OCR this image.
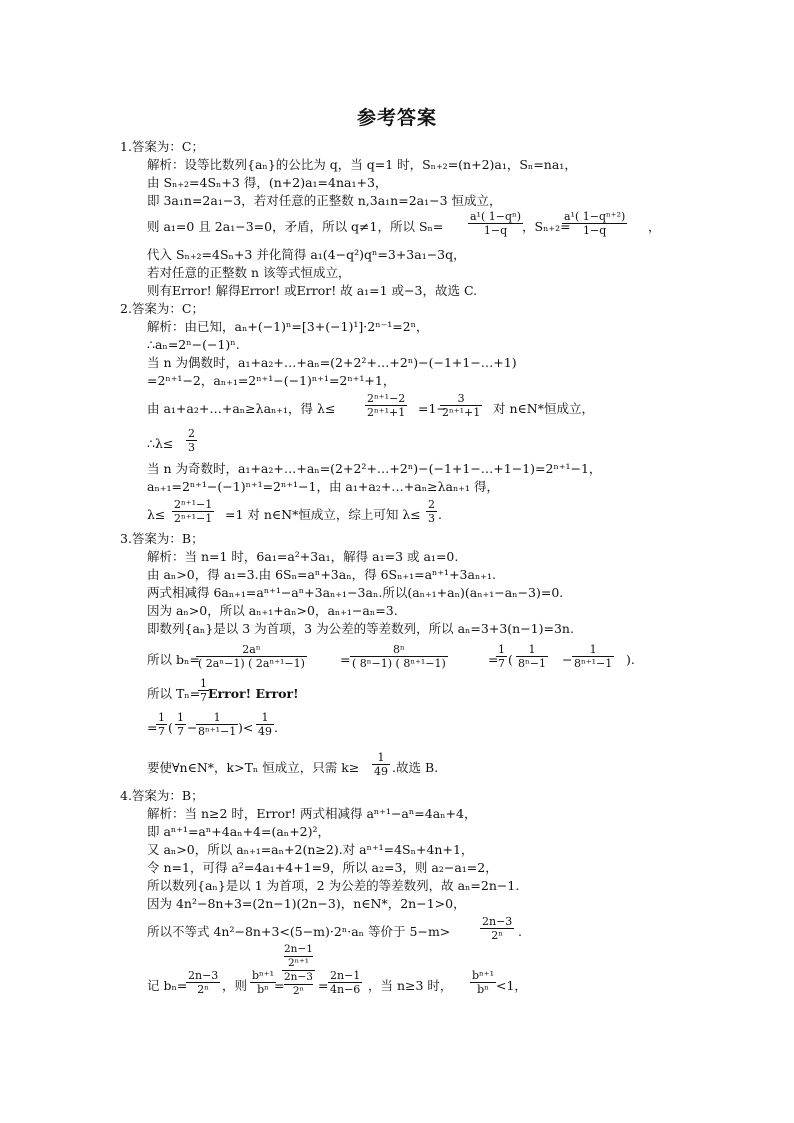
参考答案
1.答案为：C；
解析：设等比数列{aₙ}的公比为 q，当 q=1 时，Sₙ₊₂=(n+2)a₁，Sₙ=na₁，
由 Sₙ₊₂=4Sₙ+3 得，(n+2)a₁=4na₁+3，
即 3a₁n=2a₁−3，若对任意的正整数 n,3a₁n=2a₁−3 恒成立，
则 a₁=0 且 2a₁−3=0，矛盾，所以 q≠1，所以 $S_n= \frac{\text{a¹( 1−qⁿ)}}{1-q}$
，Sₙ₊₂=
$\frac{\text{a¹( 1−qⁿ⁺²)}}{1-q}$ ，
代入 Sₙ₊₂=4Sₙ+3 并化简得 a₁(4−q²)qⁿ=3+3a₁−3q，
若对任意的正整数 n 该等式恒成立，
则有Error! 解得Error! 或Error! 故 a₁=1 或−3，故选 C.
2.答案为：C；
解析：由已知，aₙ+(−1)ⁿ=[3+(−1)¹]·2ⁿ⁻¹=2ⁿ，
∴aₙ=2ⁿ−(−1)ⁿ.
当 n 为偶数时，a₁+a₂+…+aₙ=(2+2²+…+2ⁿ)−(−1+1−…+1)
=2ⁿ⁺¹−2，aₙ₊₁=2ⁿ⁺¹−(−1)ⁿ⁺¹=2ⁿ⁺¹+1，
由 a₁+a₂+…+aₙ≥λaₙ₊₁，得 λ≤	$\frac{\text{2ⁿ⁺¹−2}}{\text{2ⁿ⁺¹+1}} =1-$
$\frac{3}{\text{2ⁿ⁺¹+1}}$ 对 n∈N*恒成立，
∴λ≤ $\frac{2}{3}$
当 n 为奇数时，a₁+a₂+…+aₙ=(2+2²+…+2ⁿ)−(−1+1−…+1−1)=2ⁿ⁺¹−1，
aₙ₊₁=2ⁿ⁺¹−(−1)ⁿ⁺¹=2ⁿ⁺¹−1，由 a₁+a₂+…+aₙ≥λaₙ₊₁ 得，
$\lambda\le \frac{\text{2ⁿ⁺¹−1}}{\text{2ⁿ⁺¹−1}} =1$ 对 n∈N*恒成立，综上可知 $\lambda\le \frac{2}{3}$ .
3.答案为：B；
解析：当 n=1 时，6a₁=a²+3a₁，解得 a₁=3 或 a₁=0.
由 aₙ>0，得 a₁=3.由 6Sₙ=aⁿ+3aₙ，得 6Sₙ₊₁=aⁿ⁺¹+3aₙ₊₁.
两式相减得 6aₙ₊₁=aⁿ⁺¹−aⁿ+3aₙ₊₁−3aₙ.所以(aₙ₊₁+aₙ)(aₙ₊₁−aₙ−3)=0.
因为 aₙ>0，所以 aₙ₊₁+aₙ>0，aₙ₊₁−aₙ=3.
即数列{aₙ}是以 3 为首项，3 为公差的等差数列，所以 aₙ=3+3(n−1)=3n.
所以 bₙ=
$\frac{\text{2aⁿ}}{\text{( 2aⁿ−1) ( 2aⁿ⁺¹−1)}}$	= $\frac{\text{8ⁿ}}{\text{( 8ⁿ−1) ( 8ⁿ⁺¹−1)}}$	=
$\frac{1}{7}$ ( $\frac{1}{\text{8ⁿ−1}} - \frac{1}{\text{8ⁿ⁺¹−1}}$ ).
所以 Tₙ=
$\frac{1}{7}$ Error! Error!
=
$\frac{1}{7}$ ( $\frac{1}{7}$ −
$\frac{1}{\text{8ⁿ⁺¹−1}}$ )< $\frac{1}{49}$ .
要使∀n∈N*，k>Tₙ 恒成立，只需 $k\ge \frac{1}{49}$ .故选 B.
4.答案为：B；
解析：当 n≥2 时，Error! 两式相减得 aⁿ⁺¹−aⁿ=4aₙ+4，
即 aⁿ⁺¹=aⁿ+4aₙ+4=(aₙ+2)²，
又 aₙ>0，所以 aₙ₊₁=aₙ+2(n≥2).对 aⁿ⁺¹=4Sₙ+4n+1，
令 n=1，可得 a²=4a₁+4+1=9，所以 a₂=3，则 a₂−a₁=2，
所以数列{aₙ}是以 1 为首项，2 为公差的等差数列，故 aₙ=2n−1.
因为 4n²−8n+3=(2n−1)(2n−3)，n∈N*，2n−1>0，
所以不等式 4n²−8n+3<(5−m)·2ⁿ·aₙ 等价于 5−m>	$\frac{2n-3}{\text{2ⁿ}}$ .
记 bₙ=
$\frac{2n-3}{\text{2ⁿ}}$ ，则 $\frac{\text{bⁿ⁺¹}}{\text{bⁿ}}$
=
2n−1
2ⁿ⁺¹
2n−3
$2^n = \frac{2n-1}{4n-6}$ ，当 n≥3 时， $\frac{\text{bⁿ⁺¹}}{\text{bⁿ}} <1$，
